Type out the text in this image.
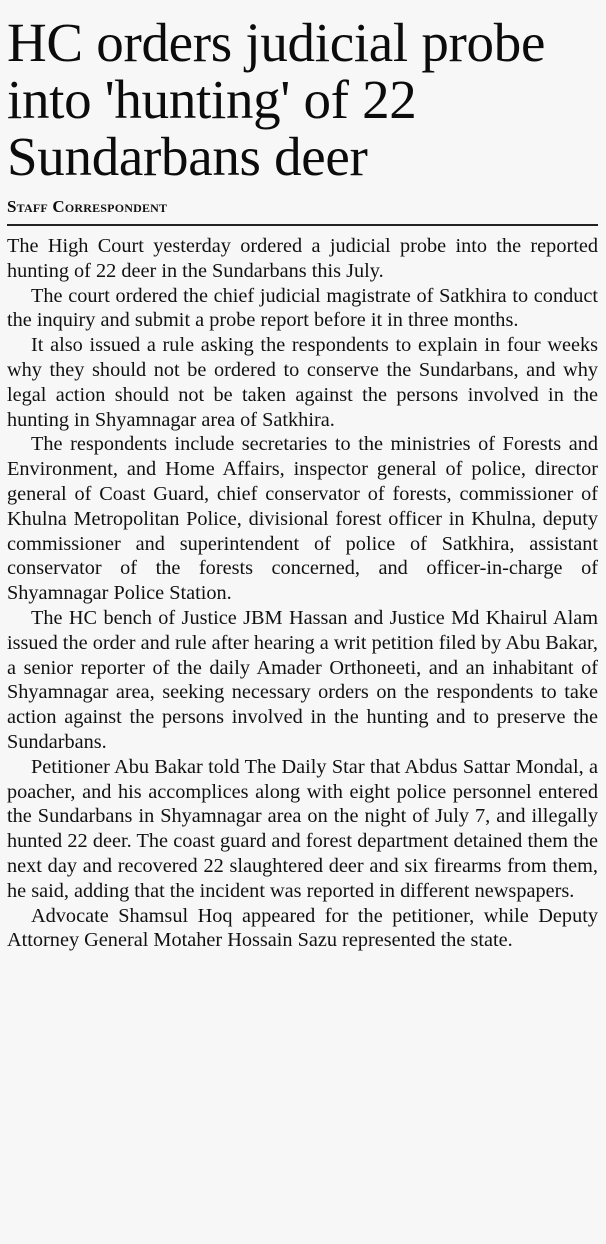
HC orders judicial probe
into 'hunting' of 22
Sundarbans deer
Staff Correspondent

The High Court yesterday ordered a judicial probe into the reported hunting of 22 deer in the Sundarbans this July.

The court ordered the chief judicial magistrate of Satkhira to conduct the inquiry and submit a probe report before it in three months.

It also issued a rule asking the respondents to explain in four weeks why they should not be ordered to conserve the Sundarbans, and why legal action should not be taken against the persons involved in the hunting in Shyamnagar area of Satkhira.

The respondents include secretaries to the ministries of Forests and Environment, and Home Affairs, inspector general of police, director general of Coast Guard, chief conservator of forests, commissioner of Khulna Metropolitan Police, divisional forest officer in Khulna, deputy commissioner and superintendent of police of Satkhira, assistant conservator of the forests concerned, and officer-in-charge of Shyamnagar Police Station.

The HC bench of Justice JBM Hassan and Justice Md Khairul Alam issued the order and rule after hearing a writ petition filed by Abu Bakar, a senior reporter of the daily Amader Orthoneeti, and an inhabitant of Shyamnagar area, seeking necessary orders on the respondents to take action against the persons involved in the hunting and to preserve the Sundarbans.

Petitioner Abu Bakar told The Daily Star that Abdus Sattar Mondal, a poacher, and his accomplices along with eight police personnel entered the Sundarbans in Shyamnagar area on the night of July 7, and illegally hunted 22 deer. The coast guard and forest department detained them the next day and recovered 22 slaughtered deer and six firearms from them, he said, adding that the incident was reported in different newspapers.

Advocate Shamsul Hoq appeared for the petitioner, while Deputy Attorney General Motaher Hossain Sazu represented the state.
